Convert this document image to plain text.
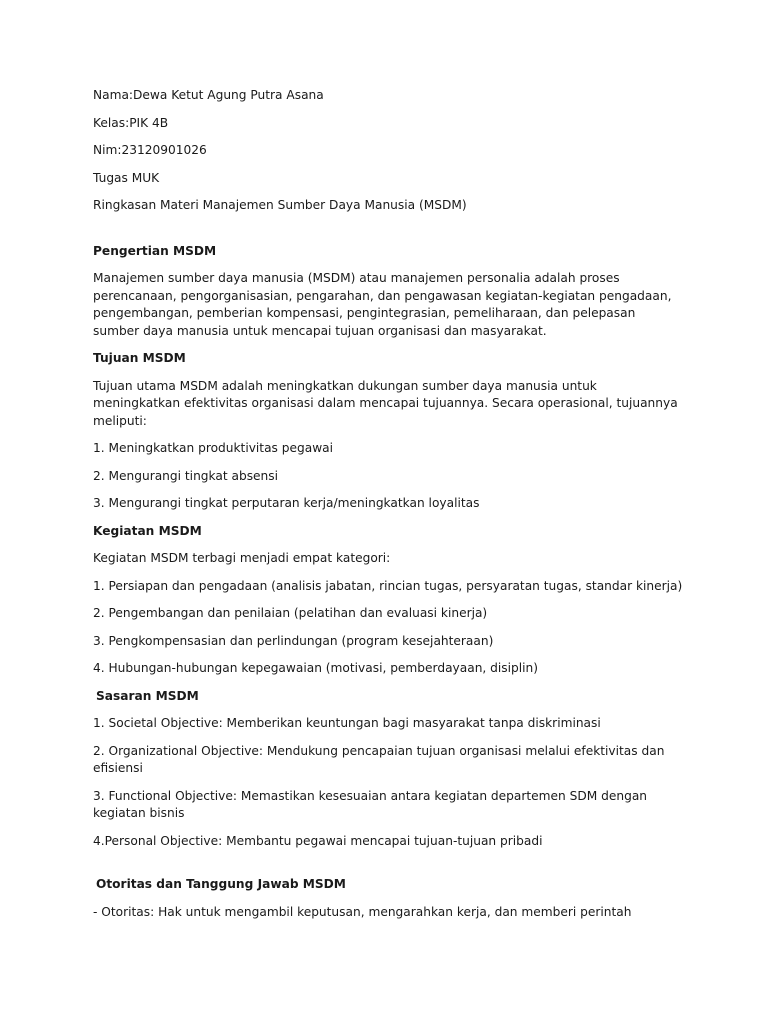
Nama:Dewa Ketut Agung Putra Asana

Kelas:PIK 4B

Nim:23120901026

Tugas MUK

Ringkasan Materi Manajemen Sumber Daya Manusia (MSDM)

Pengertian MSDM

Manajemen sumber daya manusia (MSDM) atau manajemen personalia adalah proses perencanaan, pengorganisasian, pengarahan, dan pengawasan kegiatan-kegiatan pengadaan, pengembangan, pemberian kompensasi, pengintegrasian, pemeliharaan, dan pelepasan sumber daya manusia untuk mencapai tujuan organisasi dan masyarakat.

Tujuan MSDM

Tujuan utama MSDM adalah meningkatkan dukungan sumber daya manusia untuk meningkatkan efektivitas organisasi dalam mencapai tujuannya. Secara operasional, tujuannya meliputi:

1. Meningkatkan produktivitas pegawai

2. Mengurangi tingkat absensi

3. Mengurangi tingkat perputaran kerja/meningkatkan loyalitas

Kegiatan MSDM

Kegiatan MSDM terbagi menjadi empat kategori:

1. Persiapan dan pengadaan (analisis jabatan, rincian tugas, persyaratan tugas, standar kinerja)

2. Pengembangan dan penilaian (pelatihan dan evaluasi kinerja)

3. Pengkompensasian dan perlindungan (program kesejahteraan)

4. Hubungan-hubungan kepegawaian (motivasi, pemberdayaan, disiplin)

Sasaran MSDM

1. Societal Objective: Memberikan keuntungan bagi masyarakat tanpa diskriminasi

2. Organizational Objective: Mendukung pencapaian tujuan organisasi melalui efektivitas dan efisiensi

3. Functional Objective: Memastikan kesesuaian antara kegiatan departemen SDM dengan kegiatan bisnis

4.Personal Objective: Membantu pegawai mencapai tujuan-tujuan pribadi

Otoritas dan Tanggung Jawab MSDM

- Otoritas: Hak untuk mengambil keputusan, mengarahkan kerja, dan memberi perintah
